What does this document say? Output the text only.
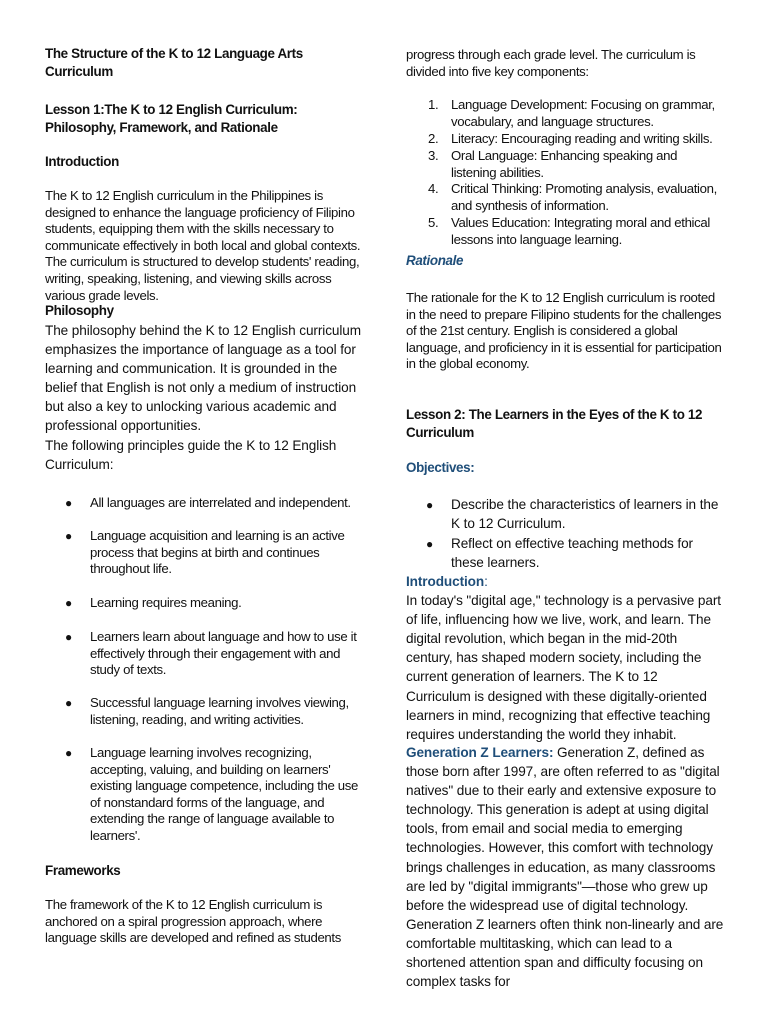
The Structure of the K to 12 Language Arts Curriculum

Lesson 1:The K to 12 English Curriculum: Philosophy, Framework, and Rationale

Introduction

The K to 12 English curriculum in the Philippines is designed to enhance the language proficiency of Filipino students, equipping them with the skills necessary to communicate effectively in both local and global contexts. The curriculum is structured to develop students' reading, writing, speaking, listening, and viewing skills across various grade levels.

Philosophy

The philosophy behind the K to 12 English curriculum emphasizes the importance of language as a tool for learning and communication. It is grounded in the belief that English is not only a medium of instruction but also a key to unlocking various academic and professional opportunities.

The following principles guide the K to 12 English Curriculum:

● All languages are interrelated and independent.
● Language acquisition and learning is an active process that begins at birth and continues throughout life.
● Learning requires meaning.
● Learners learn about language and how to use it effectively through their engagement with and study of texts.
● Successful language learning involves viewing, listening, reading, and writing activities.
● Language learning involves recognizing, accepting, valuing, and building on learners' existing language competence, including the use of nonstandard forms of the language, and extending the range of language available to learners'.

Frameworks

The framework of the K to 12 English curriculum is anchored on a spiral progression approach, where language skills are developed and refined as students

progress through each grade level. The curriculum is divided into five key components:

1. Language Development: Focusing on grammar, vocabulary, and language structures.
2. Literacy: Encouraging reading and writing skills.
3. Oral Language: Enhancing speaking and listening abilities.
4. Critical Thinking: Promoting analysis, evaluation, and synthesis of information.
5. Values Education: Integrating moral and ethical lessons into language learning.

Rationale

The rationale for the K to 12 English curriculum is rooted in the need to prepare Filipino students for the challenges of the 21st century. English is considered a global language, and proficiency in it is essential for participation in the global economy.

Lesson 2: The Learners in the Eyes of the K to 12 Curriculum

Objectives:

● Describe the characteristics of learners in the K to 12 Curriculum.
● Reflect on effective teaching methods for these learners.

Introduction:
In today's "digital age," technology is a pervasive part of life, influencing how we live, work, and learn. The digital revolution, which began in the mid-20th century, has shaped modern society, including the current generation of learners. The K to 12 Curriculum is designed with these digitally-oriented learners in mind, recognizing that effective teaching requires understanding the world they inhabit.

Generation Z Learners: Generation Z, defined as those born after 1997, are often referred to as "digital natives" due to their early and extensive exposure to technology. This generation is adept at using digital tools, from email and social media to emerging technologies. However, this comfort with technology brings challenges in education, as many classrooms are led by "digital immigrants"—those who grew up before the widespread use of digital technology.

Generation Z learners often think non-linearly and are comfortable multitasking, which can lead to a shortened attention span and difficulty focusing on complex tasks for
